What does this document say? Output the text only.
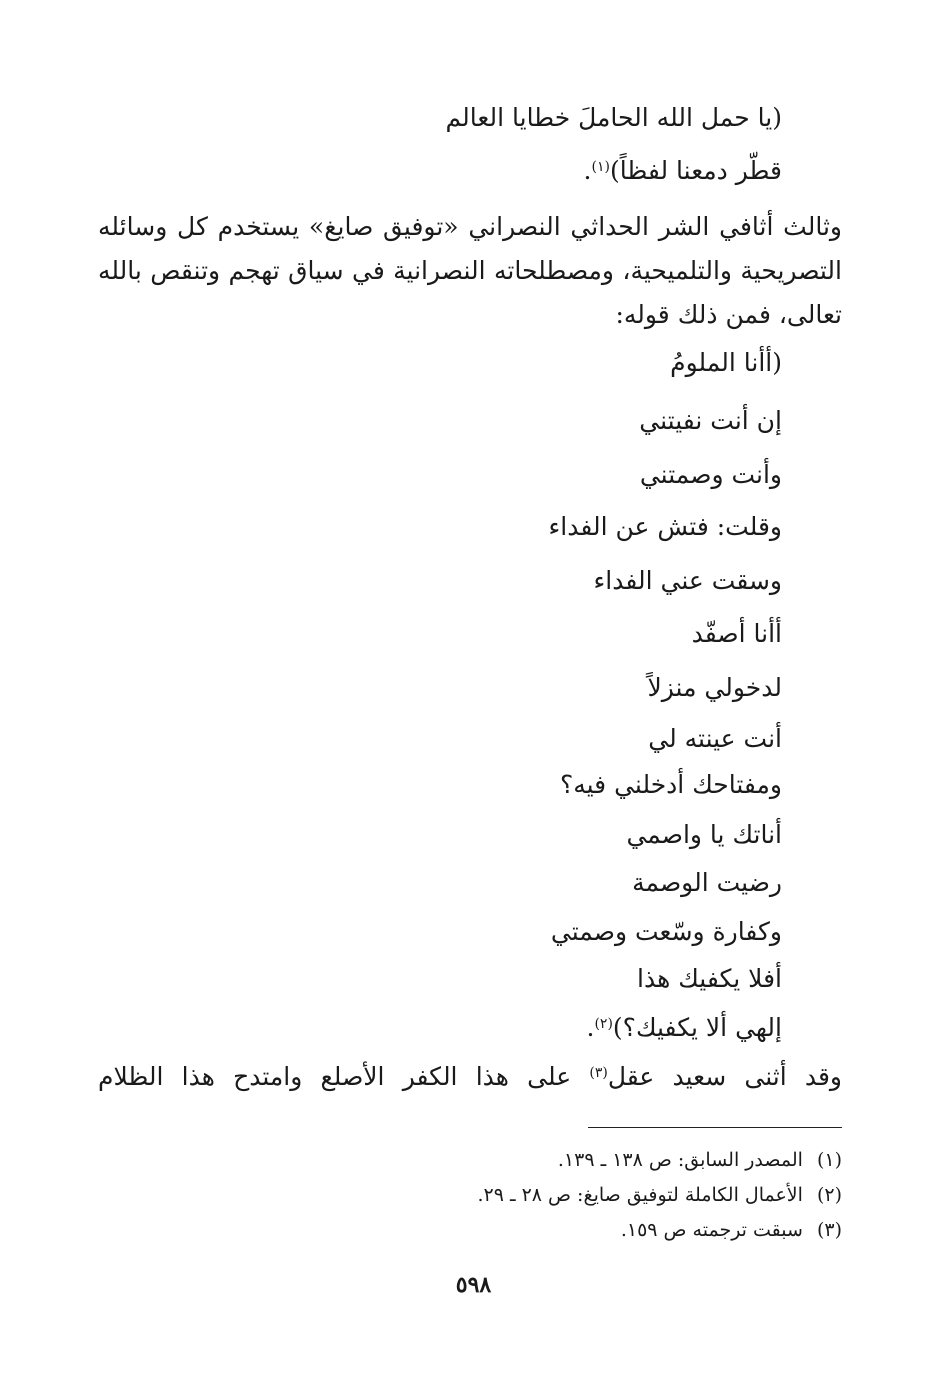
(يا حمل الله الحاملَ خطايا العالم
قطّر دمعنا لفظاً)$^{(١)}$.
وثالث أثافي الشر الحداثي النصراني «توفيق صايغ» يستخدم كل وسائله
التصريحية والتلميحية، ومصطلحاته النصرانية في سياق تهجم وتنقص بالله
تعالى، فمن ذلك قوله:
(أأنا الملومُ
إن أنت نفيتني
وأنت وصمتني
وقلت: فتش عن الفداء
وسقت عني الفداء
أأنا أصفّد
لدخولي منزلاً
أنت عينته لي
ومفتاحك أدخلني فيه؟
أناتك يا واصمي
رضيت الوصمة
وكفارة وسّعت وصمتي
أفلا يكفيك هذا
إلهي ألا يكفيك؟)$^{(٢)}$.
وقد أثنى سعيد عقل$^{(٣)}$ على هذا الكفر الأصلع وامتدح هذا الظلام
(١)المصدر السابق: ص ١٣٨ ـ ١٣٩.
(٢)الأعمال الكاملة لتوفيق صايغ: ص ٢٨ ـ ٢٩.
(٣)سبقت ترجمته ص ١٥٩.
٥٩٨
